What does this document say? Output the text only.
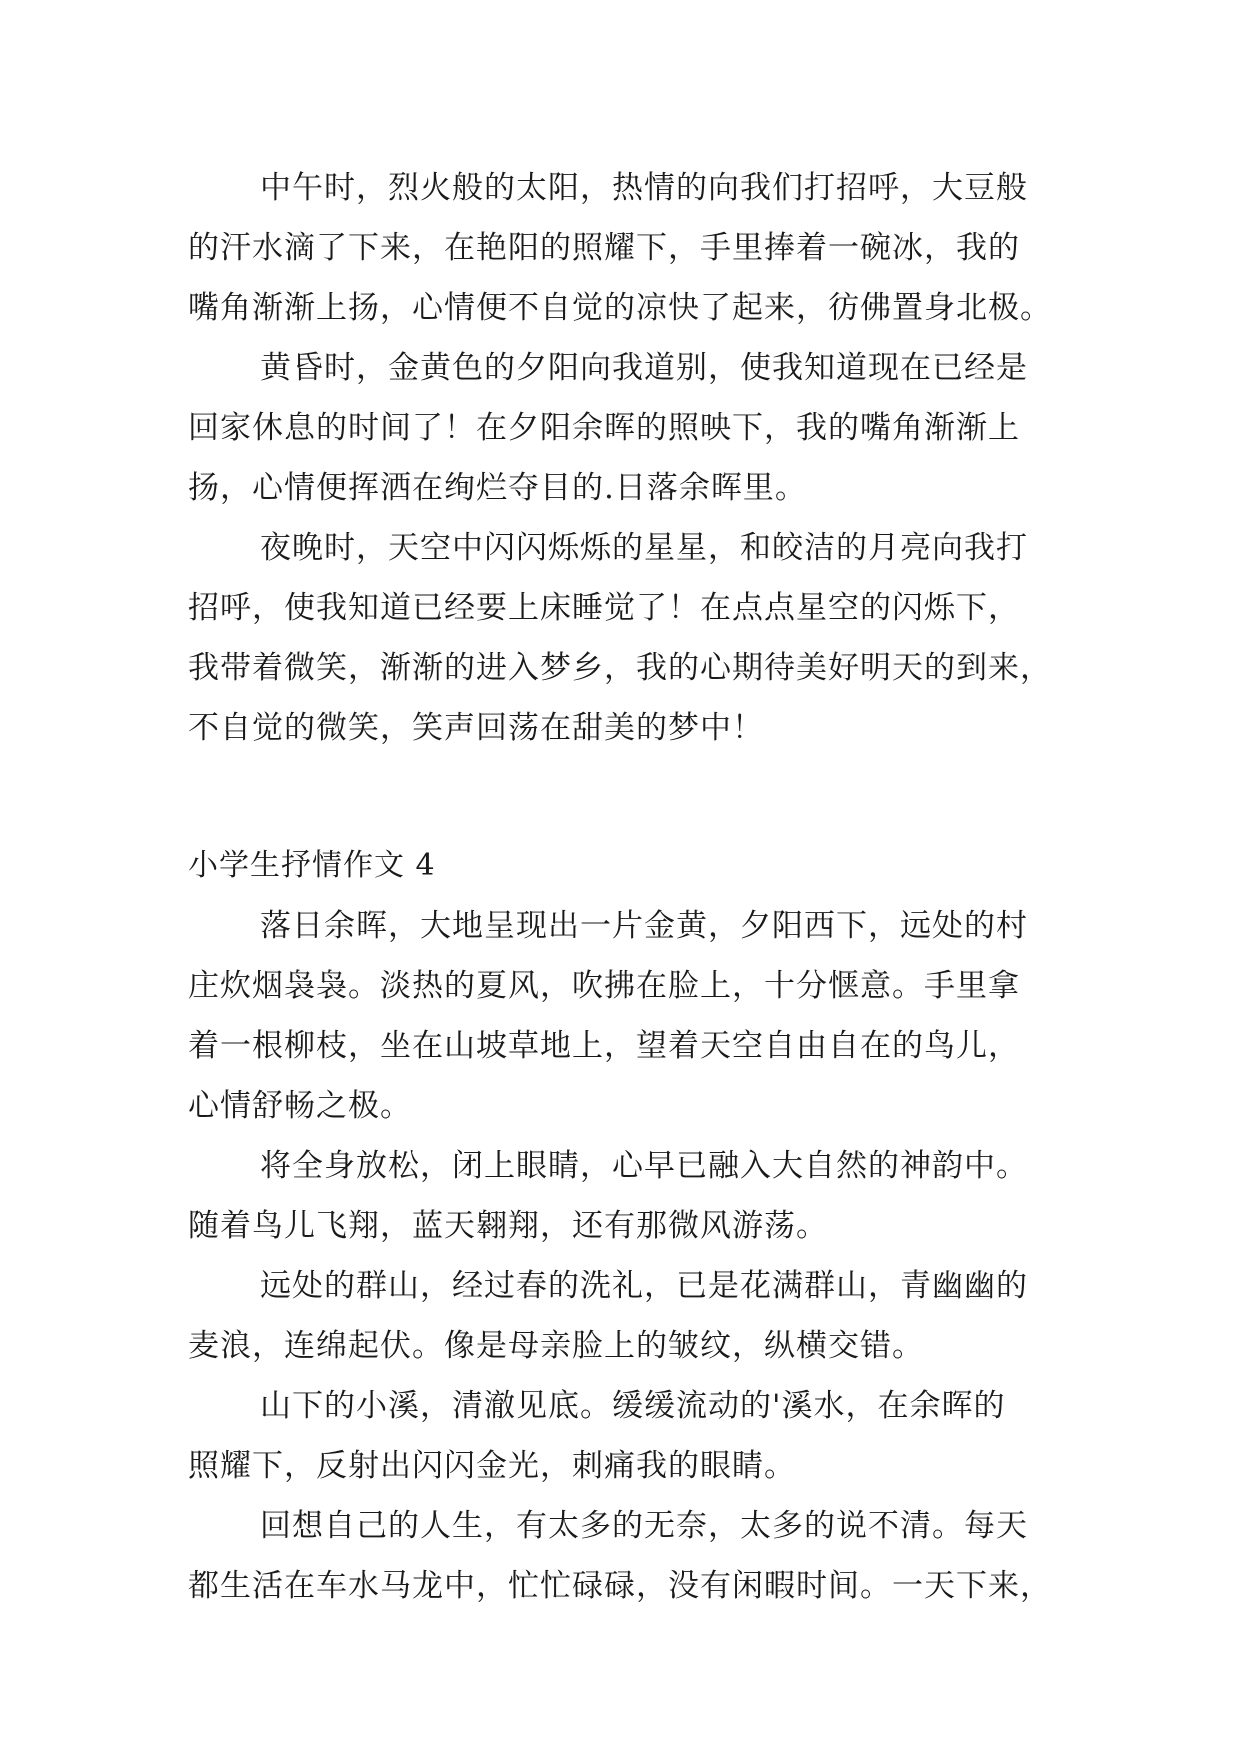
中午时，烈火般的太阳，热情的向我们打招呼，大豆般
的汗水滴了下来，在艳阳的照耀下，手里捧着一碗冰，我的
嘴角渐渐上扬，心情便不自觉的凉快了起来，彷佛置身北极。
黄昏时，金黄色的夕阳向我道别，使我知道现在已经是
回家休息的时间了！在夕阳余晖的照映下，我的嘴角渐渐上
扬，心情便挥洒在绚烂夺目的.日落余晖里。
夜晚时，天空中闪闪烁烁的星星，和皎洁的月亮向我打
招呼，使我知道已经要上床睡觉了！在点点星空的闪烁下，
我带着微笑，渐渐的进入梦乡，我的心期待美好明天的到来，
不自觉的微笑，笑声回荡在甜美的梦中！
小学生抒情作文 4
落日余晖，大地呈现出一片金黄，夕阳西下，远处的村
庄炊烟袅袅。淡热的夏风，吹拂在脸上，十分惬意。手里拿
着一根柳枝，坐在山坡草地上，望着天空自由自在的鸟儿，
心情舒畅之极。
将全身放松，闭上眼睛，心早已融入大自然的神韵中。
随着鸟儿飞翔，蓝天翱翔，还有那微风游荡。
远处的群山，经过春的洗礼，已是花满群山，青幽幽的
麦浪，连绵起伏。像是母亲脸上的皱纹，纵横交错。
山下的小溪，清澈见底。缓缓流动的'溪水，在余晖的
照耀下，反射出闪闪金光，刺痛我的眼睛。
回想自己的人生，有太多的无奈，太多的说不清。每天
都生活在车水马龙中，忙忙碌碌，没有闲暇时间。一天下来，
